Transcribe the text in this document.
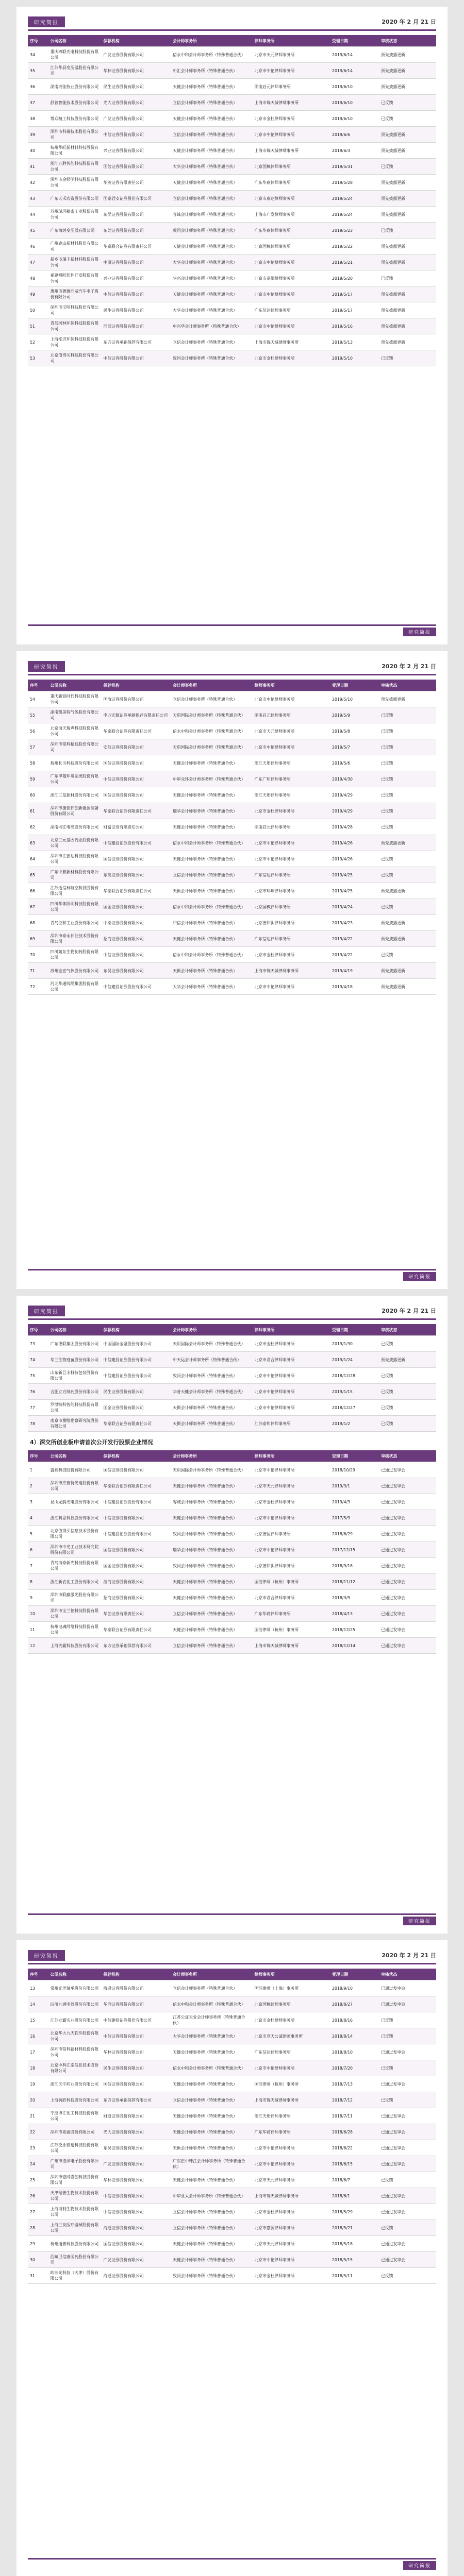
研究简报	2020 年 2 月 21 日
序号	公司名称	保荐机构	会计师事务所	律师事务所	受理日期	审核状态
34	重庆四联光电科技股份有限公司	广发证券股份有限公司	信永中和会计师事务所（特殊普通合伙）	北京市天元律师事务所	2019/6/14	预先披露更新
35	江苏华辰变压器股份有限公司	华林证券股份有限公司	中汇会计师事务所（特殊普通合伙）	北京市中伦律师事务所	2019/6/14	预先披露更新
36	湖南湘佳牧业股份有限公司	民生证券股份有限公司	天健会计师事务所（特殊普通合伙）	湖南启元律师事务所	2019/6/10	预先披露更新
37	舒普智能技术股份有限公司	光大证券股份有限公司	立信会计师事务所（特殊普通合伙）	上海市锦天城律师事务所	2019/6/10	已反馈
38	博众精工科技股份有限公司	广发证券股份有限公司	天健会计师事务所（特殊普通合伙）	北京市金杜律师事务所	2019/6/10	已反馈
39	深圳市科瑞技术股份有限公司	中信证券股份有限公司	立信会计师事务所（特殊普通合伙）	北京市中伦律师事务所	2019/6/6	预先披露更新
40	杭州华旺新材料科技股份有限公司	兴业证券股份有限公司	天健会计师事务所（特殊普通合伙）	上海市锦天城律师事务所	2019/6/3	预先披露更新
41	浙江万胜智能科技股份有限公司	国信证券股份有限公司	大华会计师事务所（特殊普通合伙）	北京国枫律师事务所	2019/5/31	已反馈
42	深圳市金照明科技股份有限公司	华英证券有限责任公司	天健会计师事务所（特殊普通合伙）	广东华商律师事务所	2019/5/28	预先披露更新
43	广东天禾农资股份有限公司	国泰君安证券股份有限公司	立信会计师事务所（特殊普通合伙）	北京市康达律师事务所	2019/5/24	预先披露更新
44	苏州瑞玛精密工业股份有限公司	东吴证券股份有限公司	容诚会计师事务所（特殊普通合伙）	上海市广发律师事务所	2019/5/24	预先披露更新
45	广东海鸿变压器有限公司	东莞证券股份有限公司	致同会计师事务所（特殊普通合伙）	广东华商律师事务所	2019/5/23	已反馈
46	广州鹿山新材料股份有限公司	华泰联合证券有限责任公司	天健会计师事务所（特殊普通合伙）	北京国枫律师事务所	2019/5/22	预先披露更新
47	新乡市瑞丰新材料股份有限公司	中原证券股份有限公司	大华会计师事务所（特殊普通合伙）	北京市中伦律师事务所	2019/5/21	预先披露更新
48	福建福昕软件开发股份有限公司	兴业证券股份有限公司	华兴会计师事务所（特殊普通合伙）	北京市嘉源律师事务所	2019/5/20	已反馈
49	惠州市德赛西威汽车电子股份有限公司	中信证券股份有限公司	天健会计师事务所（特殊普通合伙）	北京市中伦律师事务所	2019/5/17	预先披露更新
50	深圳市宝明科技股份有限公司	民生证券股份有限公司	大华会计师事务所（特殊普通合伙）	广东信达律师事务所	2019/5/17	预先披露更新
51	青岛国林环保科技股份有限公司	西部证券股份有限公司	中兴华会计师事务所（特殊普通合伙）	北京市中伦律师事务所	2019/5/16	预先披露更新
52	上海泓济环保科技股份有限公司	东方证券承销保荐有限公司	立信会计师事务所（特殊普通合伙）	上海市锦天城律师事务所	2019/5/13	预先披露更新
53	北京值得买科技股份有限公司	中信证券股份有限公司	致同会计师事务所（特殊普通合伙）	北京市金杜律师事务所	2019/5/10	已反馈
研究简报
研究简报	2020 年 2 月 21 日
序号	公司名称	保荐机构	会计师事务所	律师事务所	受理日期	审核状态
54	重庆新铝时代科技股份有限公司	国海证券股份有限公司	立信会计师事务所（特殊普通合伙）	北京市中伦律师事务所	2019/5/10	预先披露更新
55	湖南凯美特气体股份有限公司	申万宏源证券承销保荐有限责任公司	天职国际会计师事务所（特殊普通合伙）	湖南启元律师事务所	2019/5/9	已反馈
56	北京海天瑞声科技股份有限公司	华泰联合证券有限责任公司	信永中和会计师事务所（特殊普通合伙）	北京市天元律师事务所	2019/5/8	已反馈
57	深圳市铭科精技股份有限公司	安信证券股份有限公司	天职国际会计师事务所（特殊普通合伙）	北京市中伦律师事务所	2019/5/7	已反馈
58	杭州长川科技股份有限公司	国信证券股份有限公司	天健会计师事务所（特殊普通合伙）	浙江天册律师事务所	2019/5/6	已反馈
59	广东申菱环境系统股份有限公司	中信证券股份有限公司	中审众环会计师事务所（特殊普通合伙）	广东广和律师事务所	2019/4/30	已反馈
60	浙江三星新材股份有限公司	国信证券股份有限公司	天健会计师事务所（特殊普通合伙）	浙江天册律师事务所	2019/4/29	已反馈
61	深圳市捷佳伟创新能源装备股份有限公司	华泰联合证券有限责任公司	瑞华会计师事务所（特殊普通合伙）	北京市金杜律师事务所	2019/4/29	已反馈
62	湖南湘江电缆股份有限公司	财富证券有限责任公司	天健会计师事务所（特殊普通合伙）	湖南启元律师事务所	2019/4/28	已反馈
63	北京三元基因药业股份有限公司	中信建投证券股份有限公司	信永中和会计师事务所（特殊普通合伙）	北京市中伦律师事务所	2019/4/26	预先披露更新
64	深圳市汇创达科技股份有限公司	国信证券股份有限公司	天健会计师事务所（特殊普通合伙）	北京市中伦律师事务所	2019/4/26	已反馈
65	广东中旗新材料股份有限公司	东莞证券股份有限公司	立信会计师事务所（特殊普通合伙）	广东信达律师事务所	2019/4/25	已反馈
66	江苏迈信林航空科技股份有限公司	华泰联合证券有限责任公司	天衡会计师事务所（特殊普通合伙）	北京市环球律师事务所	2019/4/25	预先披露更新
67	四川华体照明科技股份有限公司	国金证券股份有限公司	信永中和会计师事务所（特殊普通合伙）	北京国枫律师事务所	2019/4/24	已反馈
68	青岛征和工业股份有限公司	中泰证券股份有限公司	和信会计师事务所（特殊普通合伙）	北京德和衡律师事务所	2019/4/23	预先披露更新
69	深圳市泰永长征技术股份有限公司	招商证券股份有限公司	天健会计师事务所（特殊普通合伙）	广东信达律师事务所	2019/4/22	预先披露更新
70	四川苑东生物制药股份有限公司	中信证券股份有限公司	信永中和会计师事务所（特殊普通合伙）	北京市金杜律师事务所	2019/4/22	已反馈
71	苏州金宏气体股份有限公司	东吴证券股份有限公司	天衡会计师事务所（特殊普通合伙）	上海市锦天城律师事务所	2019/4/19	预先披露更新
72	河北华通线缆集团股份有限公司	中信建投证券股份有限公司	大华会计师事务所（特殊普通合伙）	北京市中伦律师事务所	2019/4/18	预先披露更新
研究简报
研究简报	2020 年 2 月 21 日
序号	公司名称	保荐机构	会计师事务所	律师事务所	受理日期	审核状态
73	广东德联集团股份有限公司	中国国际金融股份有限公司	天职国际会计师事务所（特殊普通合伙）	北京市金杜律师事务所	2019/1/30	已反馈
74	华兰生物疫苗股份有限公司	中信建投证券股份有限公司	中天运会计师事务所（特殊普通合伙）	北京市君合律师事务所	2019/1/24	预先披露更新
75	山东新巨丰科技包装股份有限公司	中信建投证券股份有限公司	致同会计师事务所（特殊普通合伙）	北京市中伦律师事务所	2018/12/28	已反馈
76	合肥立方制药股份有限公司	民生证券股份有限公司	华普天健会计师事务所（特殊普通合伙）	北京市中伦律师事务所	2019/1/15	已反馈
77	罗博特科智能科技股份有限公司	国金证券股份有限公司	天衡会计师事务所（特殊普通合伙）	北京市中伦律师事务所	2018/12/27	已反馈
78	南京市测绘勘察研究院股份有限公司	华泰联合证券有限责任公司	天衡会计师事务所（特殊普通合伙）	江苏泰和律师事务所	2019/1/2	已反馈
4）深交所创业板申请首次公开发行股票企业情况
序号	公司名称	保荐机构	会计师事务所	律师事务所	受理日期	审核状态
1	盛视科技股份有限公司	国信证券股份有限公司	天职国际会计师事务所（特殊普通合伙）	北京市中伦律师事务所	2018/10/29	已通过发审会
2	深圳市杰普特光电股份有限公司	华泰联合证券有限责任公司	天健会计师事务所（特殊普通合伙）	北京市天元律师事务所	2019/3/1	已通过发审会
3	昆山龙腾光电股份有限公司	中信建投证券股份有限公司	容诚会计师事务所（特殊普通合伙）	北京市金杜律师事务所	2019/4/3	已通过发审会
4	浙江科思科技股份有限公司	中信证券股份有限公司	天健会计师事务所（特殊普通合伙）	北京市中伦律师事务所	2017/5/9	已通过发审会
5	北京值得买信息技术股份有限公司	中信建投证券股份有限公司	致同会计师事务所（特殊普通合伙）	北京德恒律师事务所	2018/6/29	已通过发审会
6	深圳市中光工业技术研究院股份有限公司	国信证券股份有限公司	瑞华会计师事务所（特殊普通合伙）	北京市中伦律师事务所	2017/12/15	已通过发审会
7	青岛海泰新光科技股份有限公司	国金证券股份有限公司	致同会计师事务所（特殊普通合伙）	北京德和衡律师事务所	2018/9/18	已通过发审会
8	浙江新农化工股份有限公司	浙商证券股份有限公司	天健会计师事务所（特殊普通合伙）	国浩律师（杭州）事务所	2018/11/12	已通过发审会
9	深圳市联赢激光股份有限公司	招商证券股份有限公司	天健会计师事务所（特殊普通合伙）	北京市君合律师事务所	2018/3/9	已通过发审会
10	深圳市宝兰德科技股份有限公司	华创证券有限责任公司	立信会计师事务所（特殊普通合伙）	广东华商律师事务所	2018/4/13	已通过发审会
11	杭州电魂网络科技股份有限公司	华泰联合证券有限责任公司	天健会计师事务所（特殊普通合伙）	国浩律师（杭州）事务所	2018/12/25	已通过发审会
12	上海洗霸科技股份有限公司	东方证券承销保荐有限公司	立信会计师事务所（特殊普通合伙）	上海市锦天城律师事务所	2018/12/14	已通过发审会
研究简报
研究简报	2020 年 2 月 21 日
序号	公司名称	保荐机构	会计师事务所	律师事务所	受理日期	审核状态
13	常州光洋轴承股份有限公司	海通证券股份有限公司	立信会计师事务所（特殊普通合伙）	国浩律师（上海）事务所	2018/9/10	已通过发审会
14	四川九洲电器股份有限公司	华西证券股份有限公司	信永中和会计师事务所（特殊普通合伙）	北京国枫律师事务所	2018/8/27	已通过发审会
15	江苏立霸实业股份有限公司	中信建投证券股份有限公司	江苏公证天业会计师事务所（特殊普通合伙）	北京市金杜律师事务所	2018/8/16	已反馈
16	北京华大九天软件股份有限公司	中信证券股份有限公司	大华会计师事务所（特殊普通合伙）	北京市竞天公诚律师事务所	2018/8/14	已反馈
17	深圳市铂科新材料股份有限公司	华林证券股份有限公司	天健会计师事务所（特殊普通合伙）	广东信达律师事务所	2018/8/10	已通过发审会
18	北京中科江南信息技术股份有限公司	民生证券股份有限公司	信永中和会计师事务所（特殊普通合伙）	北京市中伦律师事务所	2018/7/20	已反馈
19	浙江天宇药业股份有限公司	国信证券股份有限公司	天健会计师事务所（特殊普通合伙）	国浩律师（杭州）事务所	2018/7/13	已通过发审会
20	上海润欣科技股份有限公司	东方证券承销保荐有限公司	立信会计师事务所（特殊普通合伙）	上海市锦天城律师事务所	2018/7/12	已反馈
21	宁波博汇化工科技股份有限公司	财通证券股份有限公司	天健会计师事务所（特殊普通合伙）	浙江天册律师事务所	2018/7/11	已通过发审会
22	深圳市兆驰股份有限公司	光大证券股份有限公司	天健会计师事务所（特殊普通合伙）	广东华商律师事务所	2018/6/28	已通过发审会
23	江苏泛亚微透科技股份有限公司	东吴证券股份有限公司	天衡会计师事务所（特殊普通合伙）	北京市中伦律师事务所	2018/6/22	已通过发审会
24	广州市浩洋电子股份有限公司	广发证券股份有限公司	广东正中珠江会计师事务所（特殊普通合伙）	北京市中伦律师事务所	2018/6/15	已通过发审会
25	深圳市壹网壹创科技股份有限公司	华林证券股份有限公司	天健会计师事务所（特殊普通合伙）	北京市天元律师事务所	2018/6/7	已反馈
26	天津瑞普生物技术股份有限公司	中信证券股份有限公司	中审亚太会计师事务所（特殊普通合伙）	上海市锦天城律师事务所	2018/6/1	已通过发审会
27	上海海利生物技术股份有限公司	中信证券股份有限公司	立信会计师事务所（特殊普通合伙）	北京市金杜律师事务所	2018/5/29	已通过发审会
28	上海三友医疗器械股份有限公司	海通证券股份有限公司	立信会计师事务所（特殊普通合伙）	北京市嘉源律师事务所	2018/5/21	已反馈
29	杭州迪普科技股份有限公司	国信证券股份有限公司	天健会计师事务所（特殊普通合伙）	北京市天元律师事务所	2018/5/18	已通过发审会
30	西藏卫信康医药股份有限公司	广发证券股份有限公司	天健会计师事务所（特殊普通合伙）	北京市中伦律师事务所	2018/5/15	已通过发审会
31	欧菲光科技（天津）股份有限公司	海通证券股份有限公司	致同会计师事务所（特殊普通合伙）	北京市金杜律师事务所	2018/5/11	已反馈
研究简报
